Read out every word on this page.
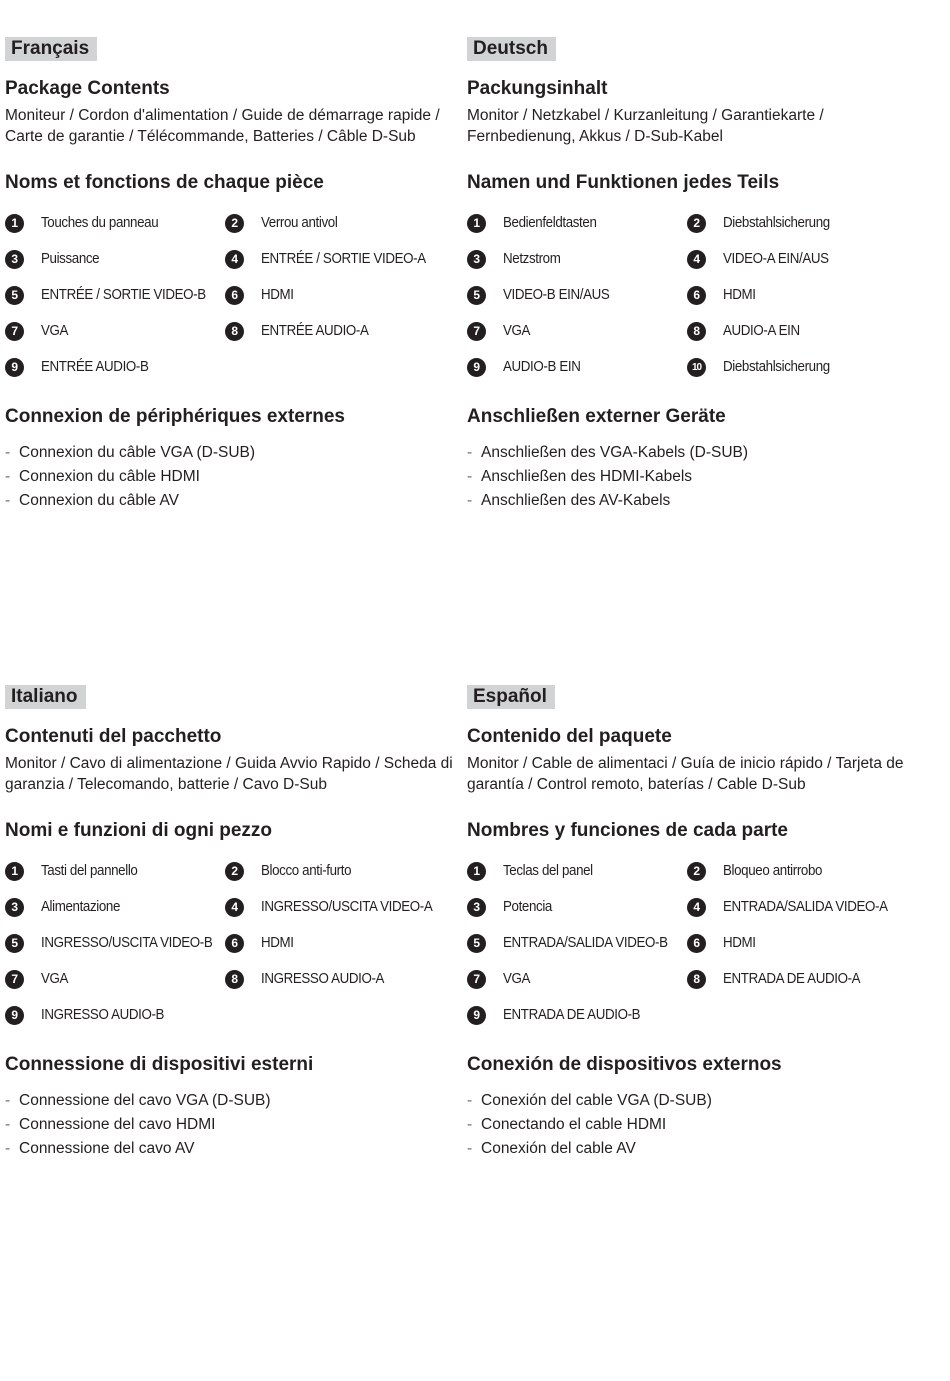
Français
Package Contents
Moniteur / Cordon d'alimentation / Guide de démarrage rapide / Carte de garantie / Télécommande, Batteries / Câble D-Sub
Noms et fonctions de chaque pièce
1	Touches du panneau	2	Verrou antivol
3	Puissance	4	ENTRÉE / SORTIE VIDEO-A
5	ENTRÉE / SORTIE VIDEO-B	6	HDMI
7	VGA	8	ENTRÉE AUDIO-A
9	ENTRÉE AUDIO-B
Connexion de périphériques externes
- Connexion du câble VGA (D-SUB)
- Connexion du câble HDMI
- Connexion du câble AV
Deutsch
Packungsinhalt
Monitor / Netzkabel / Kurzanleitung / Garantiekarte / Fernbedienung, Akkus / D-Sub-Kabel
Namen und Funktionen jedes Teils
1	Bedienfeldtasten	2	Diebstahlsicherung
3	Netzstrom	4	VIDEO-A EIN/AUS
5	VIDEO-B EIN/AUS	6	HDMI
7	VGA	8	AUDIO-A EIN
9	AUDIO-B EIN	10	Diebstahlsicherung
Anschließen externer Geräte
- Anschließen des VGA-Kabels (D-SUB)
- Anschließen des HDMI-Kabels
- Anschließen des AV-Kabels
Italiano
Contenuti del pacchetto
Monitor / Cavo di alimentazione / Guida Avvio Rapido / Scheda di garanzia / Telecomando, batterie / Cavo D-Sub
Nomi e funzioni di ogni pezzo
1	Tasti del pannello	2	Blocco anti-furto
3	Alimentazione	4	INGRESSO/USCITA VIDEO-A
5	INGRESSO/USCITA VIDEO-B	6	HDMI
7	VGA	8	INGRESSO AUDIO-A
9	INGRESSO AUDIO-B
Connessione di dispositivi esterni
- Connessione del cavo VGA (D-SUB)
- Connessione del cavo HDMI
- Connessione del cavo AV
Español
Contenido del paquete
Monitor / Cable de alimentaci / Guía de inicio rápido / Tarjeta de garantía / Control remoto, baterías / Cable D-Sub
Nombres y funciones de cada parte
1	Teclas del panel	2	Bloqueo antirrobo
3	Potencia	4	ENTRADA/SALIDA VIDEO-A
5	ENTRADA/SALIDA VIDEO-B	6	HDMI
7	VGA	8	ENTRADA DE AUDIO-A
9	ENTRADA DE AUDIO-B
Conexión de dispositivos externos
- Conexión del cable VGA (D-SUB)
- Conectando el cable HDMI
- Conexión del cable AV
